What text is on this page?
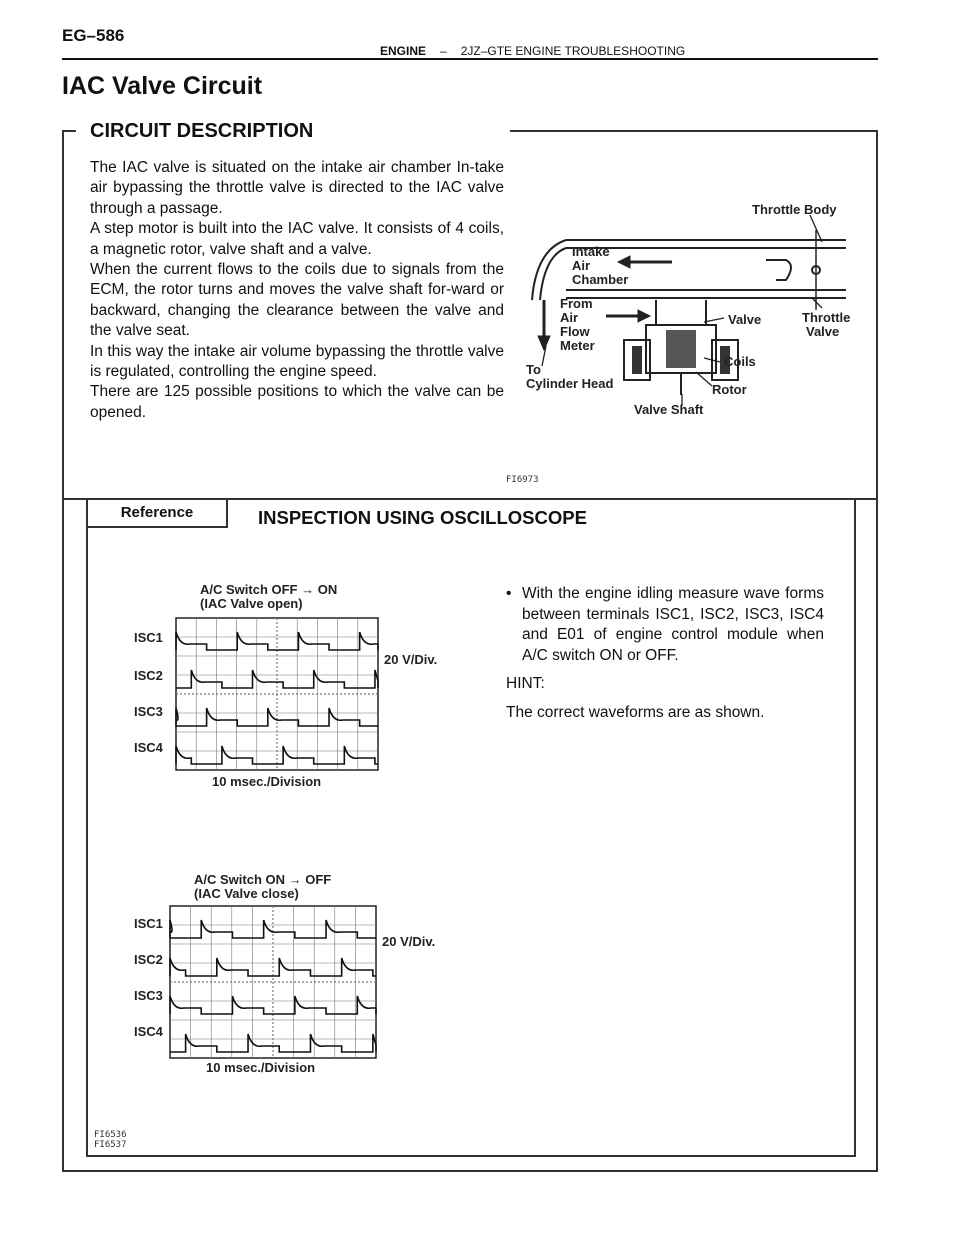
EG–586
ENGINE – 2JZ–GTE ENGINE TROUBLESHOOTING
IAC Valve Circuit
CIRCUIT DESCRIPTION

The IAC valve is situated on the intake air chamber In-take air bypassing the throttle valve is directed to the IAC valve through a passage.

A step motor is built into the IAC valve. It consists of 4 coils, a magnetic rotor, valve shaft and a valve.

When the current flows to the coils due to signals from the ECM, the rotor turns and moves the valve shaft for-ward or backward, changing the clearance between the valve and the valve seat.

In this way the intake air volume bypassing the throttle valve is regulated, controlling the engine speed.

There are 125 possible positions to which the valve can be opened.

Throttle Body
Intake
Air
Chamber
From
Air
Flow
Meter
Valve	Throttle
Valve
Coils
Rotor
To
Cylinder Head
Valve Shaft
FI6973
Reference	INSPECTION USING OSCILLOSCOPE
• With the engine idling measure wave forms between terminals ISC1, ISC2, ISC3, ISC4 and E01 of engine control module when A/C switch ON or OFF.

HINT:

The correct waveforms are as shown.

A/C Switch OFF → ON
(IAC Valve open)
ISC1
ISC2
ISC3
ISC4
20 V/Div.
10 msec./Division
A/C Switch ON → OFF
(IAC Valve close)
ISC1
ISC2
ISC3
ISC4
20 V/Div.
10 msec./Division
FI6536
FI6537
